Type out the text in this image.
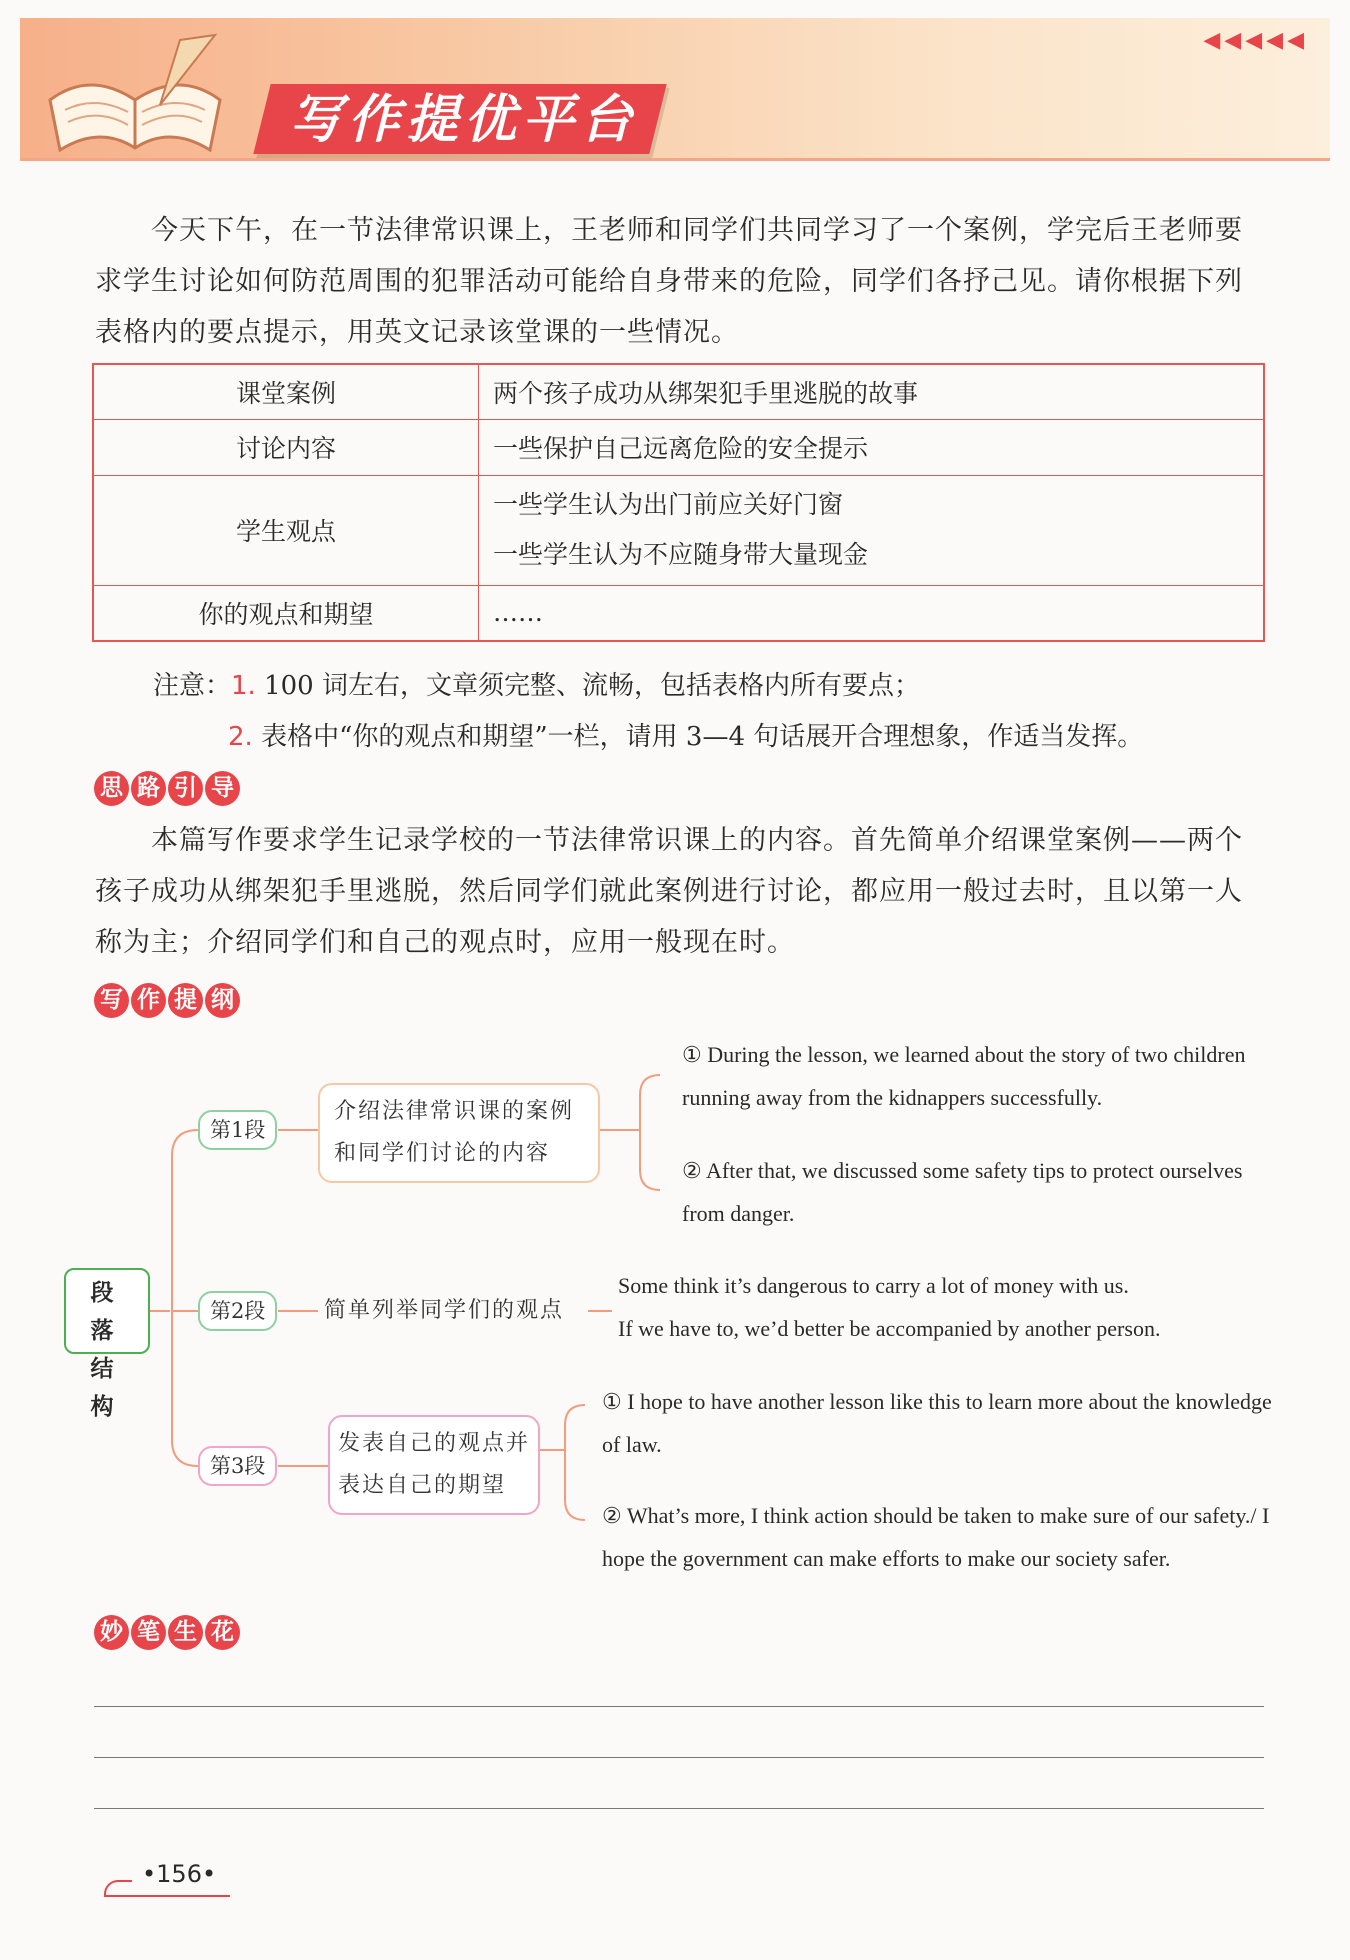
◀◀◀◀◀
写作提优平台

今天下午，在一节法律常识课上，王老师和同学们共同学习了一个案例，学完后王老师要求学生讨论如何防范周围的犯罪活动可能给自身带来的危险，同学们各抒己见。请你根据下列表格内的要点提示，用英文记录该堂课的一些情况。

课堂案例	两个孩子成功从绑架犯手里逃脱的故事
讨论内容	一些保护自己远离危险的安全提示
学生观点	一些学生认为出门前应关好门窗
一些学生认为不应随身带大量现金

你的观点和期望	……
注意：1. 100 词左右，文章须完整、流畅，包括表格内所有要点；
2. 表格中“你的观点和期望”一栏，请用 3—4 句话展开合理想象，作适当发挥。
思 路 引 导

本篇写作要求学生记录学校的一节法律常识课上的内容。首先简单介绍课堂案例——两个孩子成功从绑架犯手里逃脱，然后同学们就此案例进行讨论，都应用一般过去时，且以第一人称为主；介绍同学们和自己的观点时，应用一般现在时。

写 作 提 纲
段 落
结 构
第1段
介绍法律常识课的案例
和同学们讨论的内容
① During the lesson, we learned about the story of two children running away from the kidnappers successfully.
② After that, we discussed some safety tips to protect ourselves from danger.
第2段	简单列举同学们的观点
Some think it’s dangerous to carry a lot of money with us.
If we have to, we’d better be accompanied by another person.
第3段
发表自己的观点并
表达自己的期望
① I hope to have another lesson like this to learn more about the knowledge of law.
② What’s more, I think action should be taken to make sure of our safety./ I hope the government can make efforts to make our society safer.
妙 笔 生 花
•156•
